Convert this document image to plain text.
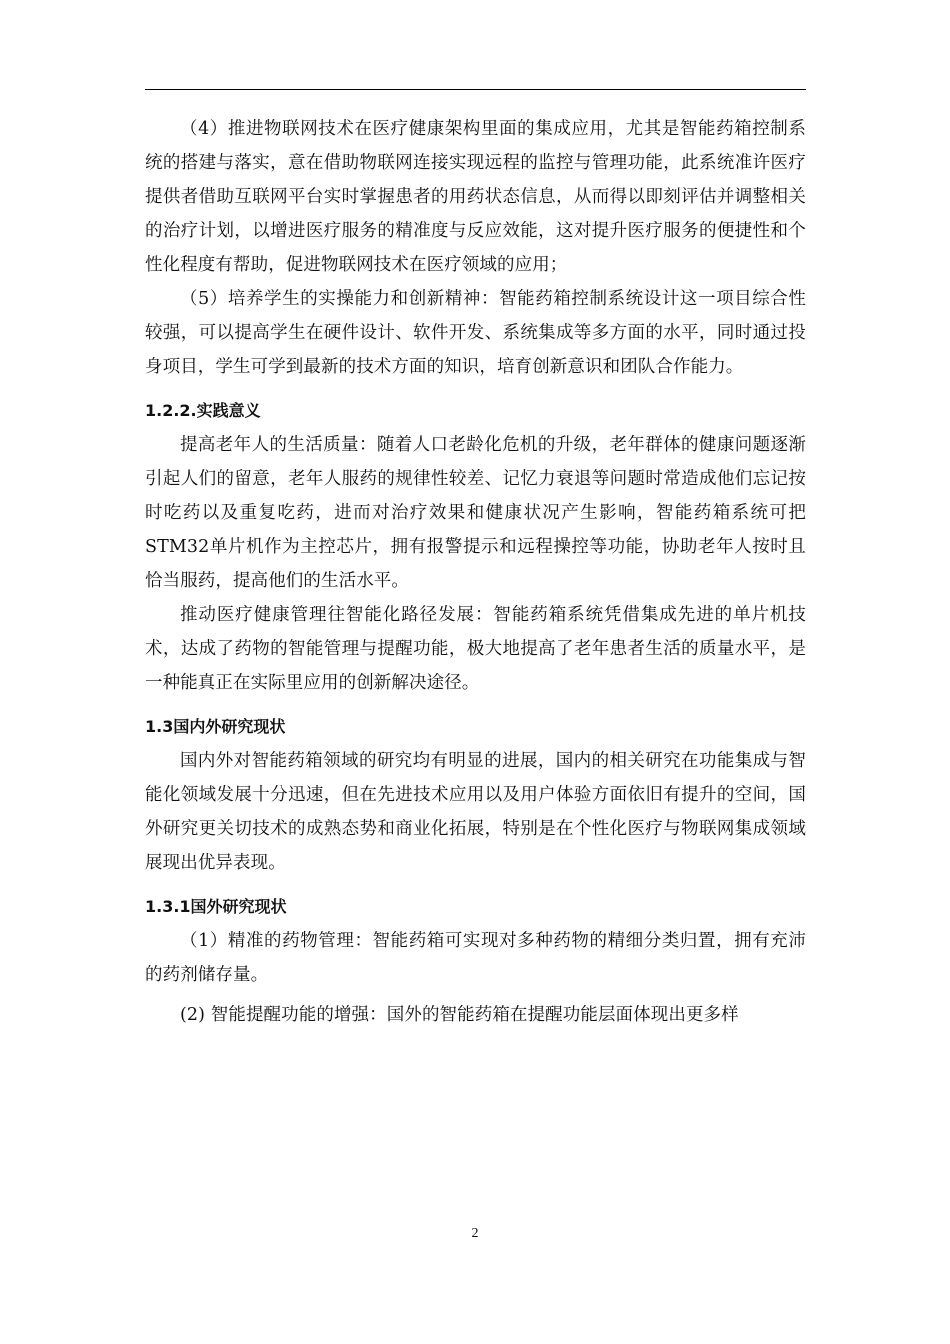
（4）推进物联网技术在医疗健康架构里面的集成应用，尤其是智能药箱控制系统的搭建与落实，意在借助物联网连接实现远程的监控与管理功能，此系统准许医疗提供者借助互联网平台实时掌握患者的用药状态信息，从而得以即刻评估并调整相关的治疗计划，以增进医疗服务的精准度与反应效能，这对提升医疗服务的便捷性和个性化程度有帮助，促进物联网技术在医疗领域的应用；

（5）培养学生的实操能力和创新精神：智能药箱控制系统设计这一项目综合性较强，可以提高学生在硬件设计、软件开发、系统集成等多方面的水平，同时通过投身项目，学生可学到最新的技术方面的知识，培育创新意识和团队合作能力。

1.2.2.实践意义

提高老年人的生活质量：随着人口老龄化危机的升级，老年群体的健康问题逐渐引起人们的留意，老年人服药的规律性较差、记忆力衰退等问题时常造成他们忘记按时吃药以及重复吃药，进而对治疗效果和健康状况产生影响，智能药箱系统可把STM32单片机作为主控芯片，拥有报警提示和远程操控等功能，协助老年人按时且恰当服药，提高他们的生活水平。

推动医疗健康管理往智能化路径发展：智能药箱系统凭借集成先进的单片机技术，达成了药物的智能管理与提醒功能，极大地提高了老年患者生活的质量水平，是一种能真正在实际里应用的创新解决途径。

1.3国内外研究现状

国内外对智能药箱领域的研究均有明显的进展，国内的相关研究在功能集成与智能化领域发展十分迅速，但在先进技术应用以及用户体验方面依旧有提升的空间，国外研究更关切技术的成熟态势和商业化拓展，特别是在个性化医疗与物联网集成领域展现出优异表现。

1.3.1国外研究现状

（1）精准的药物管理：智能药箱可实现对多种药物的精细分类归置，拥有充沛的药剂储存量。

(2) 智能提醒功能的增强：国外的智能药箱在提醒功能层面体现出更多样

2
